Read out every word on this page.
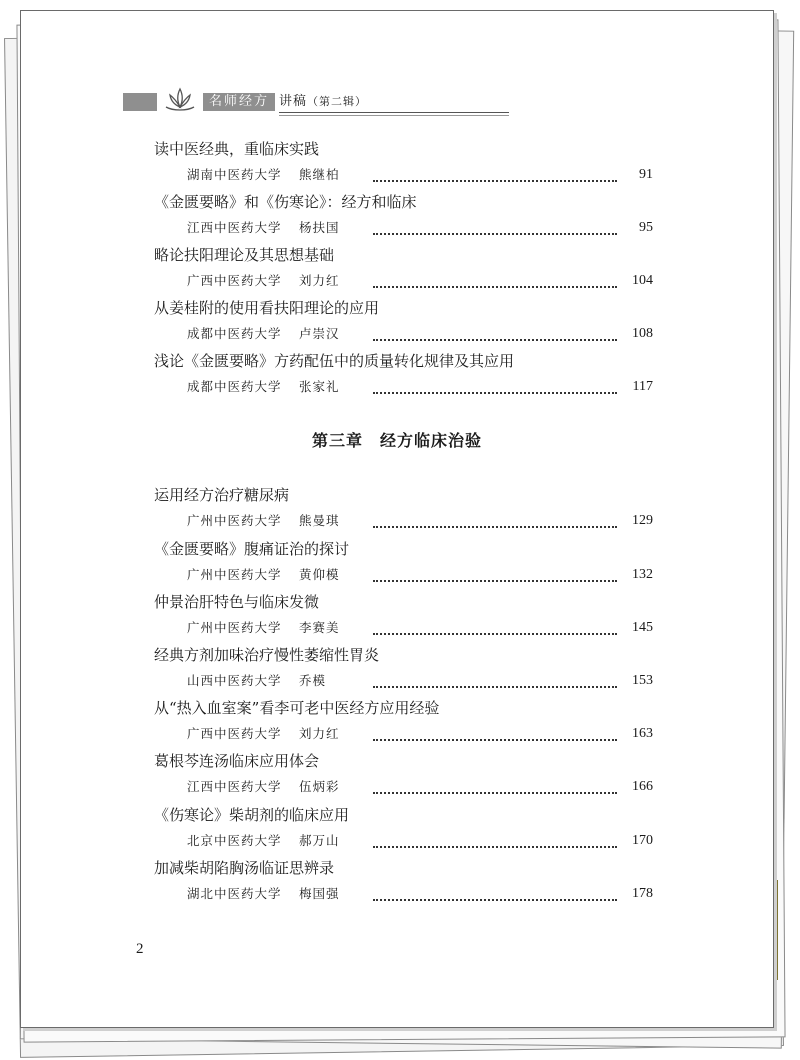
名师经方 讲稿（第二辑）
读中医经典，重临床实践
湖南中医药大学 熊继柏	91
《金匮要略》和《伤寒论》：经方和临床
江西中医药大学 杨扶国	95
略论扶阳理论及其思想基础
广西中医药大学 刘力红	104
从姜桂附的使用看扶阳理论的应用
成都中医药大学 卢崇汉	108
浅论《金匮要略》方药配伍中的质量转化规律及其应用
成都中医药大学 张家礼	117
运用经方治疗糖尿病
广州中医药大学 熊曼琪	129
《金匮要略》腹痛证治的探讨
广州中医药大学 黄仰模	132
仲景治肝特色与临床发微
广州中医药大学 李赛美	145
经典方剂加味治疗慢性萎缩性胃炎
山西中医药大学 乔模	153
从“热入血室案”看李可老中医经方应用经验
广西中医药大学 刘力红	163
葛根芩连汤临床应用体会
江西中医药大学 伍炳彩	166
《伤寒论》柴胡剂的临床应用
北京中医药大学 郝万山	170
加减柴胡陷胸汤临证思辨录
湖北中医药大学 梅国强	178
第三章　经方临床治验
2
